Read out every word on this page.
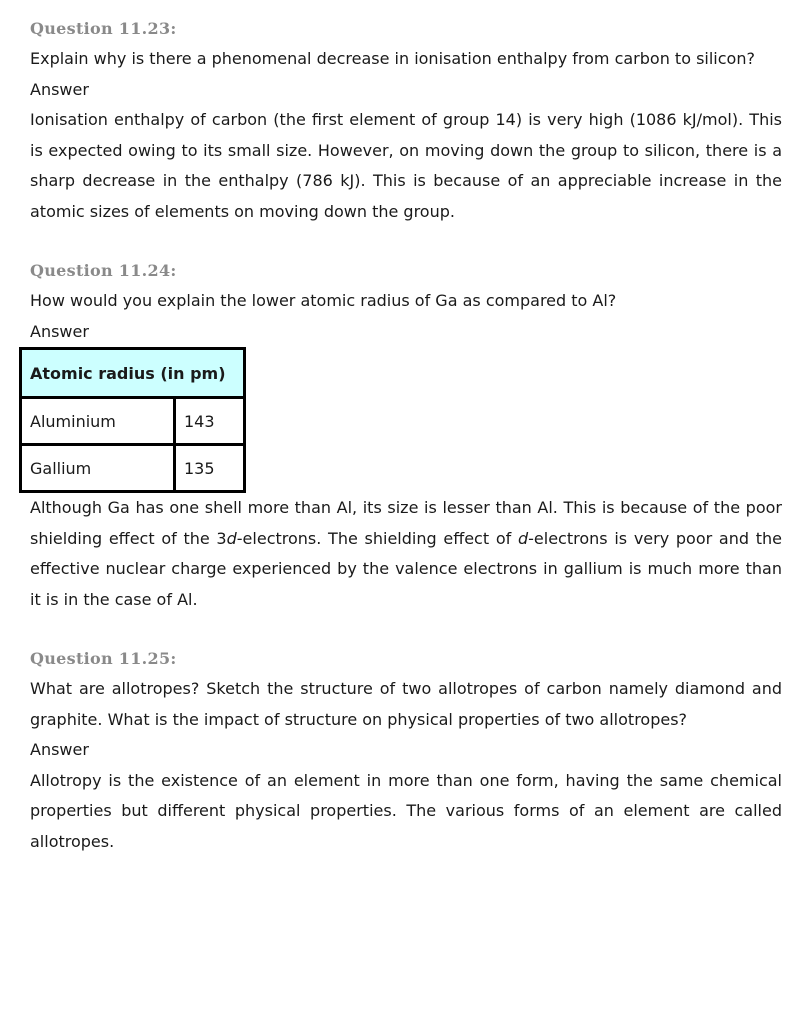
Question 11.23:

Explain why is there a phenomenal decrease in ionisation enthalpy from carbon to silicon?

Answer

Ionisation enthalpy of carbon (the first element of group 14) is very high (1086 kJ/mol). This is expected owing to its small size. However, on moving down the group to silicon, there is a sharp decrease in the enthalpy (786 kJ). This is because of an appreciable increase in the atomic sizes of elements on moving down the group.

Question 11.24:

How would you explain the lower atomic radius of Ga as compared to Al?

Answer

Atomic radius (in pm)	
Aluminium	143
Gallium	135

Although Ga has one shell more than Al, its size is lesser than Al. This is because of the poor shielding effect of the 3d-electrons. The shielding effect of d-electrons is very poor and the effective nuclear charge experienced by the valence electrons in gallium is much more than it is in the case of Al.

Question 11.25:

What are allotropes? Sketch the structure of two allotropes of carbon namely diamond and graphite. What is the impact of structure on physical properties of two allotropes?

Answer

Allotropy is the existence of an element in more than one form, having the same chemical properties but different physical properties. The various forms of an element are called allotropes.
